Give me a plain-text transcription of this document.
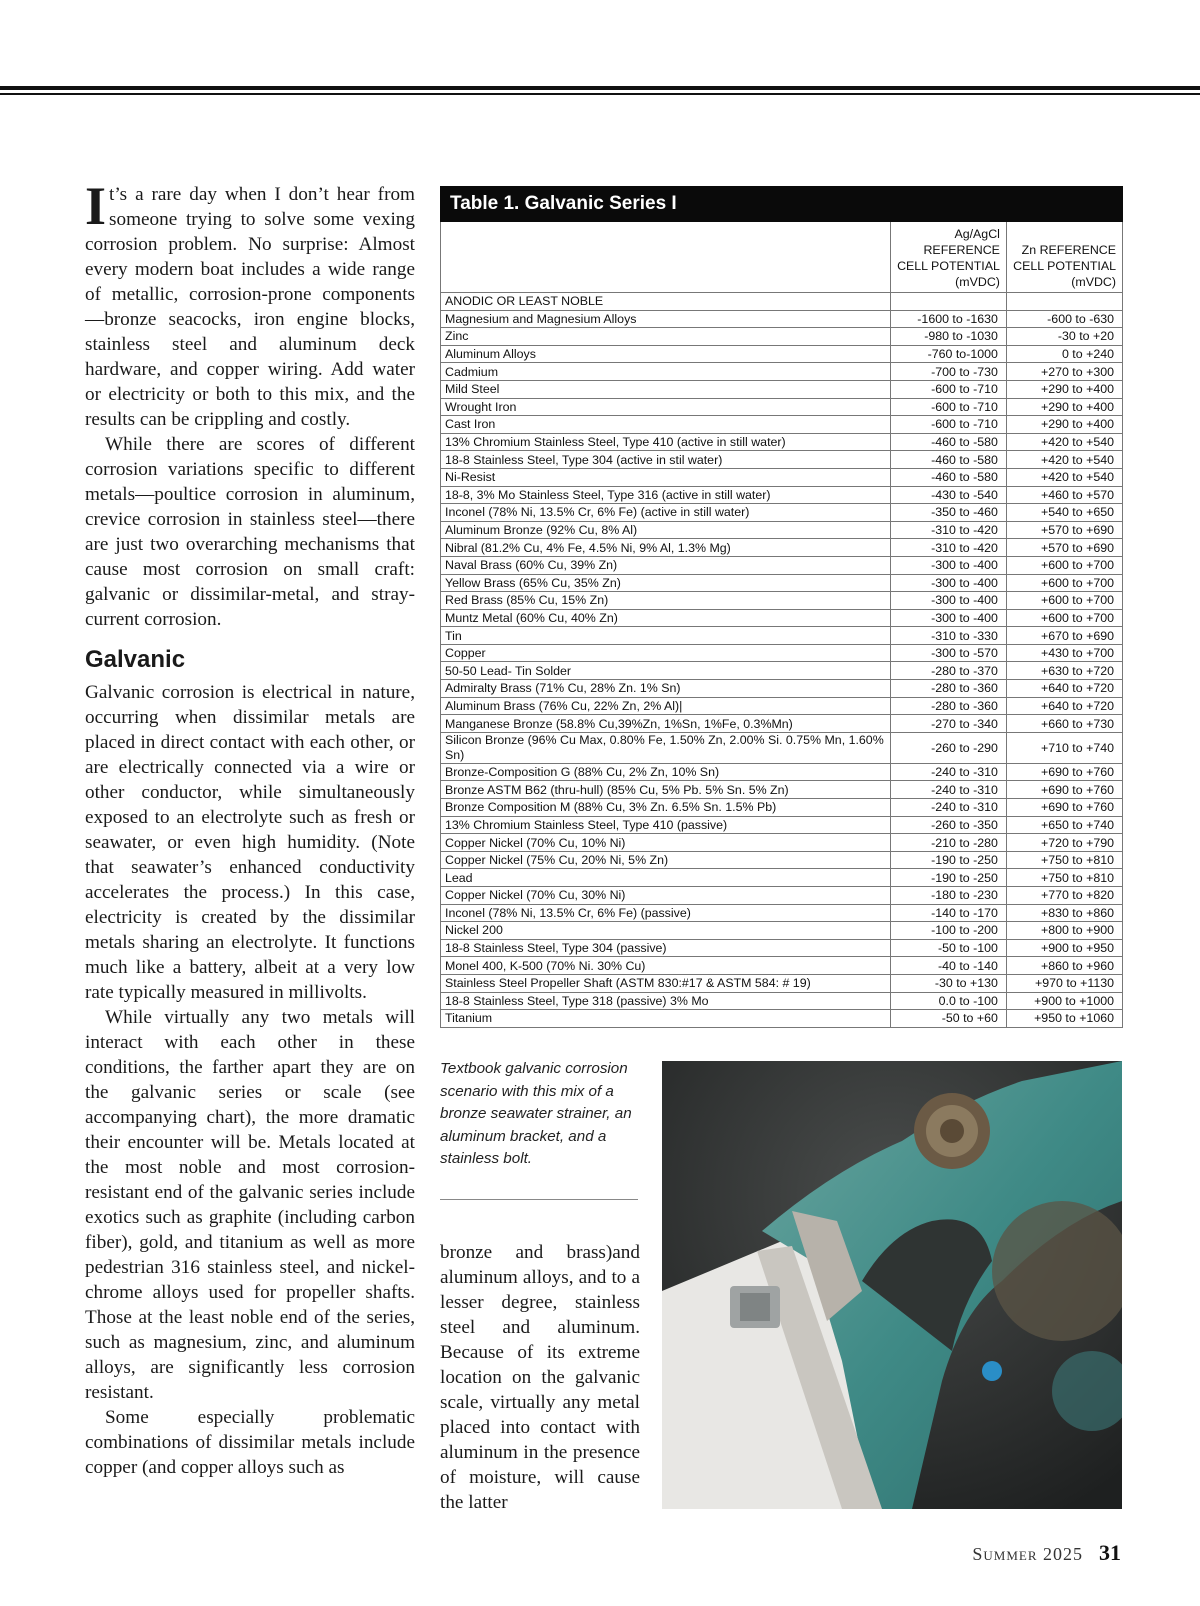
It’s a rare day when I don’t hear from someone trying to solve some vexing corrosion problem. No surprise: Almost every modern boat includes a wide range of metallic, corrosion-prone components—bronze seacocks, iron engine blocks, stainless steel and aluminum deck hardware, and copper wiring. Add water or electricity or both to this mix, and the results can be crippling and costly.

While there are scores of different corrosion variations specific to different metals—poultice corrosion in aluminum, crevice corrosion in stainless steel—there are just two overarching mechanisms that cause most corrosion on small craft: galvanic or dissimilar-metal, and stray-current corrosion.

Galvanic

Galvanic corrosion is electrical in nature, occurring when dissimilar metals are placed in direct contact with each other, or are electrically connected via a wire or other conductor, while simultaneously exposed to an electrolyte such as fresh or seawater, or even high humidity. (Note that seawater’s enhanced conductivity accelerates the process.) In this case, electricity is created by the dissimilar metals sharing an electrolyte. It functions much like a battery, albeit at a very low rate typically measured in millivolts.

While virtually any two metals will interact with each other in these conditions, the farther apart they are on the galvanic series or scale (see accompanying chart), the more dramatic their encounter will be. Metals located at the most noble and most corrosion-resistant end of the galvanic series include exotics such as graphite (including carbon fiber), gold, and titanium as well as more pedestrian 316 stainless steel, and nickel-chrome alloys used for propeller shafts. Those at the least noble end of the series, such as magnesium, zinc, and aluminum alloys, are significantly less corrosion resistant.

Some especially problematic combinations of dissimilar metals include copper (and copper alloys such as

Table 1. Galvanic Series I
	Ag/AgCl REFERENCE CELL POTENTIAL (mVDC)	Zn REFERENCE CELL POTENTIAL (mVDC)
ANODIC OR LEAST NOBLE		
Magnesium and Magnesium Alloys	-1600 to -1630	-600 to -630
Zinc	-980 to -1030	-30 to +20
Aluminum Alloys	-760 to-1000	0 to +240
Cadmium	-700 to -730	+270 to +300
Mild Steel	-600 to -710	+290 to +400
Wrought Iron	-600 to -710	+290 to +400
Cast Iron	-600 to -710	+290 to +400
13% Chromium Stainless Steel, Type 410 (active in still water)	-460 to -580	+420 to +540
18-8 Stainless Steel, Type 304 (active in stil water)	-460 to -580	+420 to +540
Ni-Resist	-460 to -580	+420 to +540
18-8, 3% Mo Stainless Steel, Type 316 (active in still water)	-430 to -540	+460 to +570
Inconel (78% Ni, 13.5% Cr, 6% Fe) (active in still water)	-350 to -460	+540 to +650
Aluminum Bronze (92% Cu, 8% Al)	-310 to -420	+570 to +690
Nibral (81.2% Cu, 4% Fe, 4.5% Ni, 9% Al, 1.3% Mg)	-310 to -420	+570 to +690
Naval Brass (60% Cu, 39% Zn)	-300 to -400	+600 to +700
Yellow Brass (65% Cu, 35% Zn)	-300 to -400	+600 to +700
Red Brass (85% Cu, 15% Zn)	-300 to -400	+600 to +700
Muntz Metal (60% Cu, 40% Zn)	-300 to -400	+600 to +700
Tin	-310 to -330	+670 to +690
Copper	-300 to -570	+430 to +700
50-50 Lead- Tin Solder	-280 to -370	+630 to +720
Admiralty Brass (71% Cu, 28% Zn. 1% Sn)	-280 to -360	+640 to +720
Aluminum Brass (76% Cu, 22% Zn, 2% Al)|	-280 to -360	+640 to +720
Manganese Bronze (58.8% Cu,39%Zn, 1%Sn, 1%Fe, 0.3%Mn)	-270 to -340	+660 to +730
Silicon Bronze (96% Cu Max, 0.80% Fe, 1.50% Zn, 2.00% Si. 0.75% Mn, 1.60% Sn)	-260 to -290	+710 to +740
Bronze-Composition G (88% Cu, 2% Zn, 10% Sn)	-240 to -310	+690 to +760
Bronze ASTM B62 (thru-hull) (85% Cu, 5% Pb. 5% Sn. 5% Zn)	-240 to -310	+690 to +760
Bronze Composition M (88% Cu, 3% Zn. 6.5% Sn. 1.5% Pb)	-240 to -310	+690 to +760
13% Chromium Stainless Steel, Type 410 (passive)	-260 to -350	+650 to +740
Copper Nickel (70% Cu, 10% Ni)	-210 to -280	+720 to +790
Copper Nickel (75% Cu, 20% Ni, 5% Zn)	-190 to -250	+750 to +810
Lead	-190 to -250	+750 to +810
Copper Nickel (70% Cu, 30% Ni)	-180 to -230	+770 to +820
Inconel (78% Ni, 13.5% Cr, 6% Fe) (passive)	-140 to -170	+830 to +860
Nickel 200	-100 to -200	+800 to +900
18-8 Stainless Steel, Type 304 (passive)	-50 to -100	+900 to +950
Monel 400, K-500 (70% Ni. 30% Cu)	-40 to -140	+860 to +960
Stainless Steel Propeller Shaft (ASTM 830:#17 & ASTM 584: # 19)	-30 to +130	+970 to +1130
18-8 Stainless Steel, Type 318 (passive) 3% Mo	0.0 to -100	+900 to +1000
Titanium	-50 to +60	+950 to +1060
Textbook galvanic corrosion scenario with this mix of a bronze seawater strainer, an aluminum bracket, and a stainless bolt.

bronze and brass)and aluminum alloys, and to a lesser degree, stainless steel and aluminum. Because of its extreme location on the galvanic scale, virtually any metal placed into contact with aluminum in the presence of moisture, will cause the latter

Summer 2025 31
